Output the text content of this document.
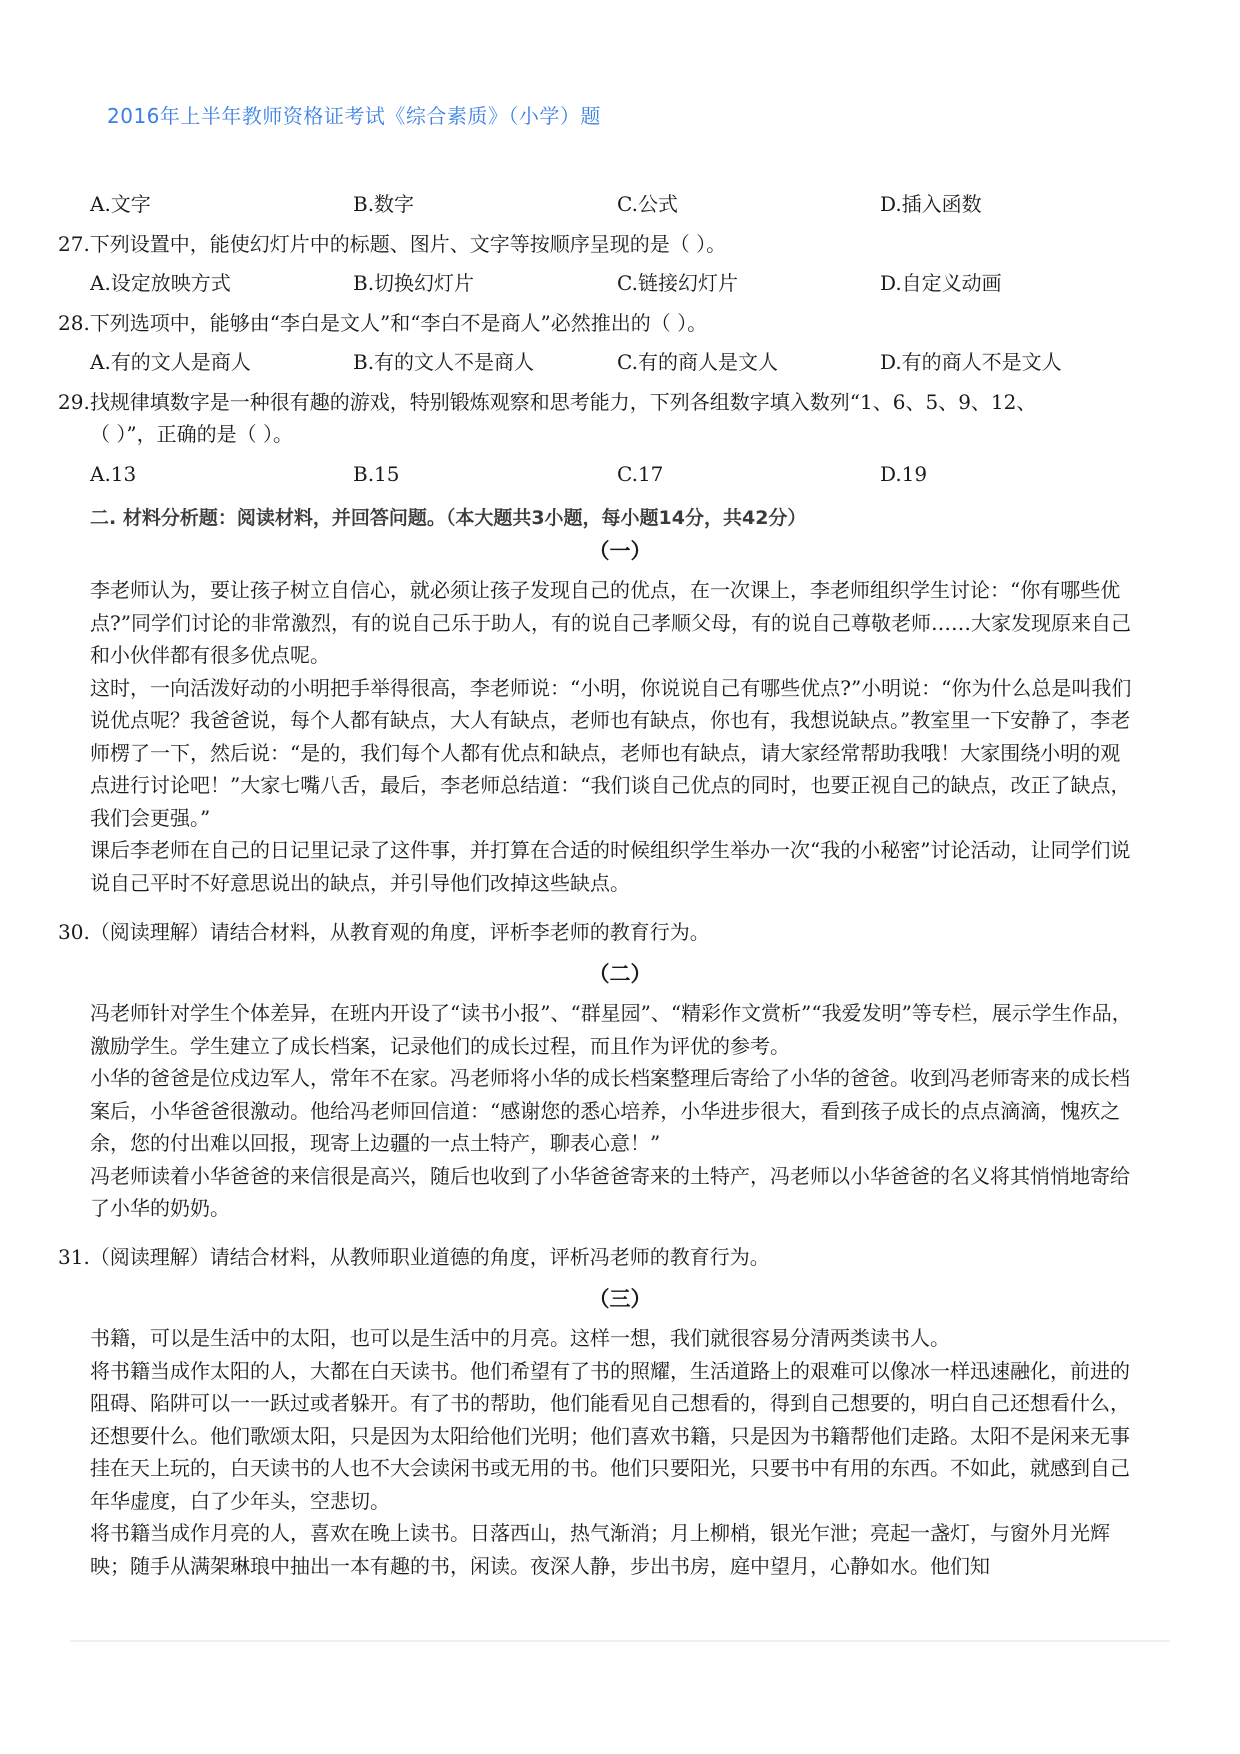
2016年上半年教师资格证考试《综合素质》（小学）题
A.文字	B.数字	C.公式	D.插入函数
27.下列设置中，能使幻灯片中的标题、图片、文字等按顺序呈现的是（ ）。
A.设定放映方式	B.切换幻灯片	C.链接幻灯片	D.自定义动画
28.下列选项中，能够由“李白是文人”和“李白不是商人”必然推出的（ ）。
A.有的文人是商人	B.有的文人不是商人	C.有的商人是文人	D.有的商人不是文人
29.找规律填数字是一种很有趣的游戏，特别锻炼观察和思考能力，下列各组数字填入数列“1、6、5、9、12、
（ ）”，正确的是（ ）。
A.13	B.15	C.17	D.19
二. 材料分析题：阅读材料，并回答问题。（本大题共3小题，每小题14分，共42分）
（一）

李老师认为，要让孩子树立自信心，就必须让孩子发现自己的优点，在一次课上，李老师组织学生讨论：“你有哪些优点?”同学们讨论的非常激烈，有的说自己乐于助人，有的说自己孝顺父母，有的说自己尊敬老师……大家发现原来自己和小伙伴都有很多优点呢。

这时，一向活泼好动的小明把手举得很高，李老师说：“小明，你说说自己有哪些优点?”小明说：“你为什么总是叫我们说优点呢？我爸爸说，每个人都有缺点，大人有缺点，老师也有缺点，你也有，我想说缺点。”教室里一下安静了，李老师楞了一下，然后说：“是的，我们每个人都有优点和缺点，老师也有缺点，请大家经常帮助我哦！大家围绕小明的观点进行讨论吧！”大家七嘴八舌，最后，李老师总结道：“我们谈自己优点的同时，也要正视自己的缺点，改正了缺点，我们会更强。”

课后李老师在自己的日记里记录了这件事，并打算在合适的时候组织学生举办一次“我的小秘密”讨论活动，让同学们说说自己平时不好意思说出的缺点，并引导他们改掉这些缺点。

30.（阅读理解）请结合材料，从教育观的角度，评析李老师的教育行为。
（二）

冯老师针对学生个体差异，在班内开设了“读书小报”、“群星园”、“精彩作文赏析”“我爱发明”等专栏，展示学生作品，激励学生。学生建立了成长档案，记录他们的成长过程，而且作为评优的参考。

小华的爸爸是位戍边军人，常年不在家。冯老师将小华的成长档案整理后寄给了小华的爸爸。收到冯老师寄来的成长档案后，小华爸爸很激动。他给冯老师回信道：“感谢您的悉心培养，小华进步很大，看到孩子成长的点点滴滴，愧疚之余，您的付出难以回报，现寄上边疆的一点土特产，聊表心意！”

冯老师读着小华爸爸的来信很是高兴，随后也收到了小华爸爸寄来的土特产，冯老师以小华爸爸的名义将其悄悄地寄给了小华的奶奶。

31.（阅读理解）请结合材料，从教师职业道德的角度，评析冯老师的教育行为。
（三）

书籍，可以是生活中的太阳，也可以是生活中的月亮。这样一想，我们就很容易分清两类读书人。

将书籍当成作太阳的人，大都在白天读书。他们希望有了书的照耀，生活道路上的艰难可以像冰一样迅速融化，前进的阻碍、陷阱可以一一跃过或者躲开。有了书的帮助，他们能看见自己想看的，得到自己想要的，明白自己还想看什么，还想要什么。他们歌颂太阳，只是因为太阳给他们光明；他们喜欢书籍，只是因为书籍帮他们走路。太阳不是闲来无事挂在天上玩的，白天读书的人也不大会读闲书或无用的书。他们只要阳光，只要书中有用的东西。不如此，就感到自己年华虚度，白了少年头，空悲切。

将书籍当成作月亮的人，喜欢在晚上读书。日落西山，热气渐消；月上柳梢，银光乍泄；亮起一盏灯，与窗外月光辉映；随手从满架琳琅中抽出一本有趣的书，闲读。夜深人静，步出书房，庭中望月，心静如水。他们知
